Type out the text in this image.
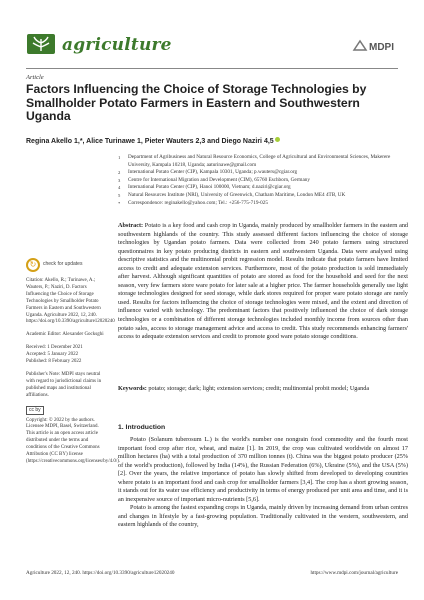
agriculture	MDPI
Article
Factors Influencing the Choice of Storage Technologies by Smallholder Potato Farmers in Eastern and Southwestern Uganda
Regina Akello 1,*, Alice Turinawe 1, Pieter Wauters 2,3 and Diego Naziri 4,5
1	Department of Agribusiness and Natural Resource Economics, College of Agricultural and Environmental Sciences, Makerere University, Kampala 10218, Uganda; aaturinawe@gmail.com
2	International Potato Center (CIP), Kampala 10301, Uganda; p.wauters@cgiar.org
3	Centre for International Migration and Development (CIM), 65760 Eschborn, Germany
4	International Potato Center (CIP), Hanoi 100000, Vietnam; d.naziri@cgiar.org
5	Natural Resources Institute (NRI), University of Greenwich, Chatham Maritime, London ME4 4TB, UK
*	Correspondence: reginakello@yahoo.com; Tel.: +256-775-719-025
Abstract: Potato is a key food and cash crop in Uganda, mainly produced by smallholder farmers in the eastern and southwestern highlands of the country. This study assessed different factors influencing the choice of storage technologies by Ugandan potato farmers. Data were collected from 240 potato farmers using structured questionnaires in key potato producing districts in eastern and southwestern Uganda. Data were analysed using descriptive statistics and the multinomial probit regression model. Results indicate that potato farmers have limited access to credit and adequate extension services. Furthermore, most of the potato production is sold immediately after harvest. Although significant quantities of potato are stored as food for the household and seed for the next season, very few farmers store ware potato for later sale at a higher price. The farmer households generally use light storage technologies designed for seed storage, while dark stores required for proper ware potato storage are rarely used. Results for factors influencing the choice of storage technologies were mixed, and the extent and direction of influence varied with technology. The predominant factors that positively influenced the choice of dark storage technologies or a combination of different storage technologies included monthly income from sources other than potato sales, access to storage management advice and access to credit. This study recommends enhancing farmers' access to adequate extension services and credit to promote good ware potato storage conditions.
Keywords: potato; storage; dark; light; extension services; credit; multinomial probit model; Uganda
↻	check for updates

Citation: Akello, R.; Turinawe, A.; Wauters, P.; Naziri, D. Factors Influencing the Choice of Storage Technologies by Smallholder Potato Farmers in Eastern and Southwestern Uganda. Agriculture 2022, 12, 240. https://doi.org/10.3390/agriculture12020240

Academic Editor: Alexander Gocksghi

Received: 1 December 2021

Accepted: 5 January 2022

Published: 8 February 2022

Publisher's Note: MDPI stays neutral with regard to jurisdictional claims in published maps and institutional affiliations.

cc by

Copyright: © 2022 by the authors. Licensee MDPI, Basel, Switzerland. This article is an open access article distributed under the terms and conditions of the Creative Commons Attribution (CC BY) license (https://creativecommons.org/licenses/by/4.0/).

1. Introduction

Potato (Solanum tuberosum L.) is the world's number one nongrain food commodity and the fourth most important food crop after rice, wheat, and maize [1]. In 2019, the crop was cultivated worldwide on almost 17 million hectares (ha) with a total production of 370 million tonnes (t). China was the biggest potato producer (25% of the world's production), followed by India (14%), the Russian Federation (6%), Ukraine (5%), and the USA (5%) [2]. Over the years, the relative importance of potato has slowly shifted from developed to developing countries where potato is an important food and cash crop for smallholder farmers [3,4]. The crop has a short growing season, it stands out for its water use efficiency and productivity in terms of energy produced per unit area and time, and it is an inexpensive source of important micro-nutrients [5,6].

Potato is among the fastest expanding crops in Uganda, mainly driven by increasing demand from urban centres and changes in lifestyle by a fast-growing population. Traditionally cultivated in the western, southwestern, and eastern highlands of the country,

Agriculture 2022, 12, 240. https://doi.org/10.3390/agriculture12020240	https://www.mdpi.com/journal/agriculture
